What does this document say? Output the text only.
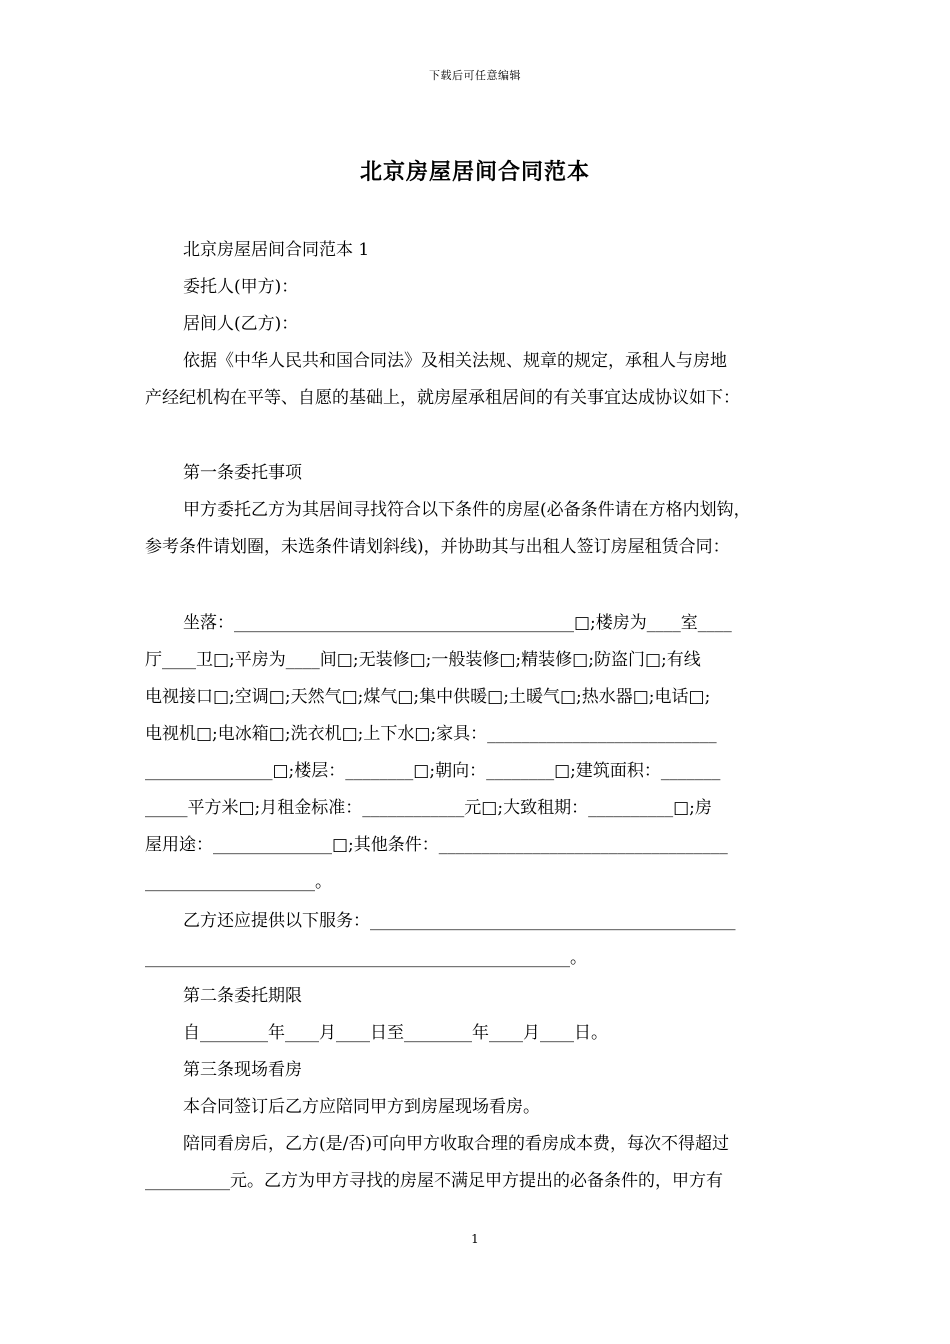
下载后可任意编辑
北京房屋居间合同范本
北京房屋居间合同范本 1
委托人(甲方)：
居间人(乙方)：
依据《中华人民共和国合同法》及相关法规、规章的规定，承租人与房地
产经纪机构在平等、自愿的基础上，就房屋承租居间的有关事宜达成协议如下：
第一条委托事项
甲方委托乙方为其居间寻找符合以下条件的房屋(必备条件请在方格内划钩，
参考条件请划圈，未选条件请划斜线)，并协助其与出租人签订房屋租赁合同：
坐落：________________________________________□;楼房为____室____
厅____卫□;平房为____间□;无装修□;一般装修□;精装修□;防盗门□;有线
电视接口□;空调□;天然气□;煤气□;集中供暖□;土暖气□;热水器□;电话□;
电视机□;电冰箱□;洗衣机□;上下水□;家具：___________________________
_______________□;楼层：________□;朝向：________□;建筑面积：_______
_____平方米□;月租金标准：____________元□;大致租期：__________□;房
屋用途：______________□;其他条件：__________________________________
____________________。
乙方还应提供以下服务：___________________________________________
__________________________________________________。
第二条委托期限
自________年____月____日至________年____月____日。
第三条现场看房
本合同签订后乙方应陪同甲方到房屋现场看房。
陪同看房后，乙方(是/否)可向甲方收取合理的看房成本费，每次不得超过
__________元。乙方为甲方寻找的房屋不满足甲方提出的必备条件的，甲方有
1
